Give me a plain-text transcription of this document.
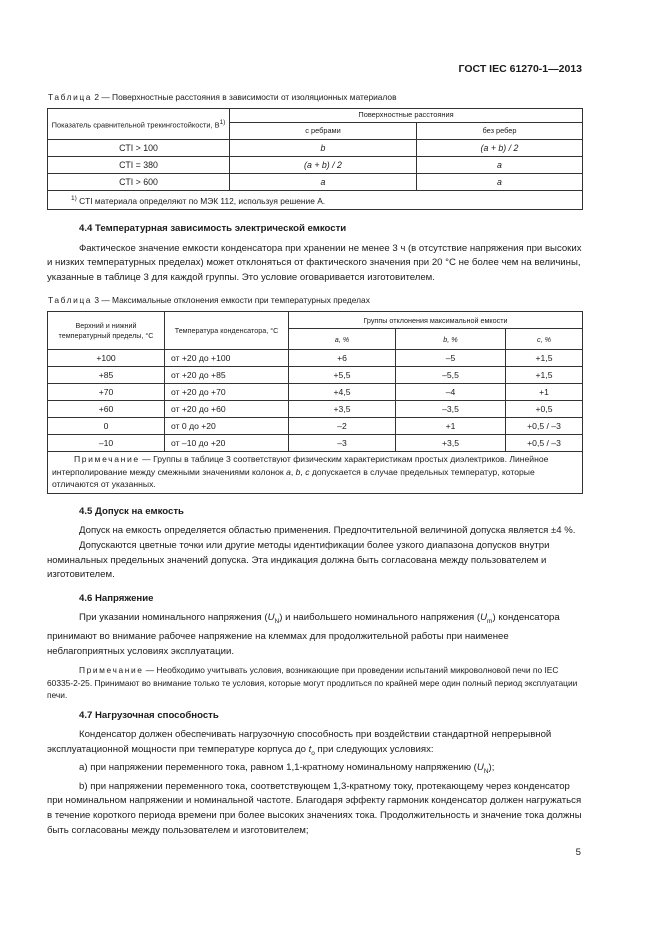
ГОСТ IEC 61270-1—2013
Таблица 2 — Поверхностные расстояния в зависимости от изоляционных материалов
Показатель сравнительной трекингостойкости, $В^{1)}$	Поверхностные расстояния	
	с ребрами	без ребер
CTI > 100	b	(a + b) / 2
CTI = 380	(a + b) / 2	a
CTI > 600	a	a
$^{1)}$ CTI материала определяют по МЭК 112, используя решение А.		
4.4 Температурная зависимость электрической емкости

Фактическое значение емкости конденсатора при хранении не менее 3 ч (в отсутствие напряжения при высоких и низких температурных пределах) может отклоняться от фактического значения при 20 °С не более чем на величины, указанные в таблице 3 для каждой группы. Это условие оговаривается изготовителем.

Таблица 3 — Максимальные отклонения емкости при температурных пределах
Верхний и нижний температурный пределы, °С	Температура конденсатора, °С	Группы отклонения максимальной емкости		
		a, %	b, %	c, %
+100	от +20 до +100	+6	–5	+1,5
+85	от +20 до +85	+5,5	–5,5	+1,5
+70	от +20 до +70	+4,5	–4	+1
+60	от +20 до +60	+3,5	–3,5	+0,5
0	от 0 до +20	–2	+1	+0,5 / –3
–10	от –10 до +20	–3	+3,5	+0,5 / –3
Примечание — Группы в таблице 3 соответствуют физическим характеристикам простых диэлектриков. Линейное интерполирование между смежными значениями колонок a, b, c допускается в случае предельных температур, которые отличаются от указанных.				
4.5 Допуск на емкость

Допуск на емкость определяется областью применения. Предпочтительной величиной допуска является ±4 %.

Допускаются цветные точки или другие методы идентификации более узкого диапазона допусков внутри номинальных предельных значений допуска. Эта индикация должна быть согласована между пользователем и изготовителем.

4.6 Напряжение

При указании номинального напряжения $(U_N)$ и наибольшего номинального напряжения $(U_m)$ конденсатора принимают во внимание рабочее напряжение на клеммах для продолжительной работы при наименее неблагоприятных условиях эксплуатации.

Примечание — Необходимо учитывать условия, возникающие при проведении испытаний микроволновой печи по IEC 60335-2-25. Принимают во внимание только те условия, которые могут продлиться по крайней мере один полный период эксплуатации печи.

4.7 Нагрузочная способность

Конденсатор должен обеспечивать нагрузочную способность при воздействии стандартной непрерывной эксплуатационной мощности при температуре корпуса до $t_o$ при следующих условиях:

а) при напряжении переменного тока, равном 1,1-кратному номинальному напряжению $(U_N)$;

b) при напряжении переменного тока, соответствующем 1,3-кратному току, протекающему через конденсатор при номинальном напряжении и номинальной частоте. Благодаря эффекту гармоник конденсатор должен нагружаться в течение короткого периода времени при более высоких значениях тока. Продолжительность и значение тока должны быть согласованы между пользователем и изготовителем;

5
